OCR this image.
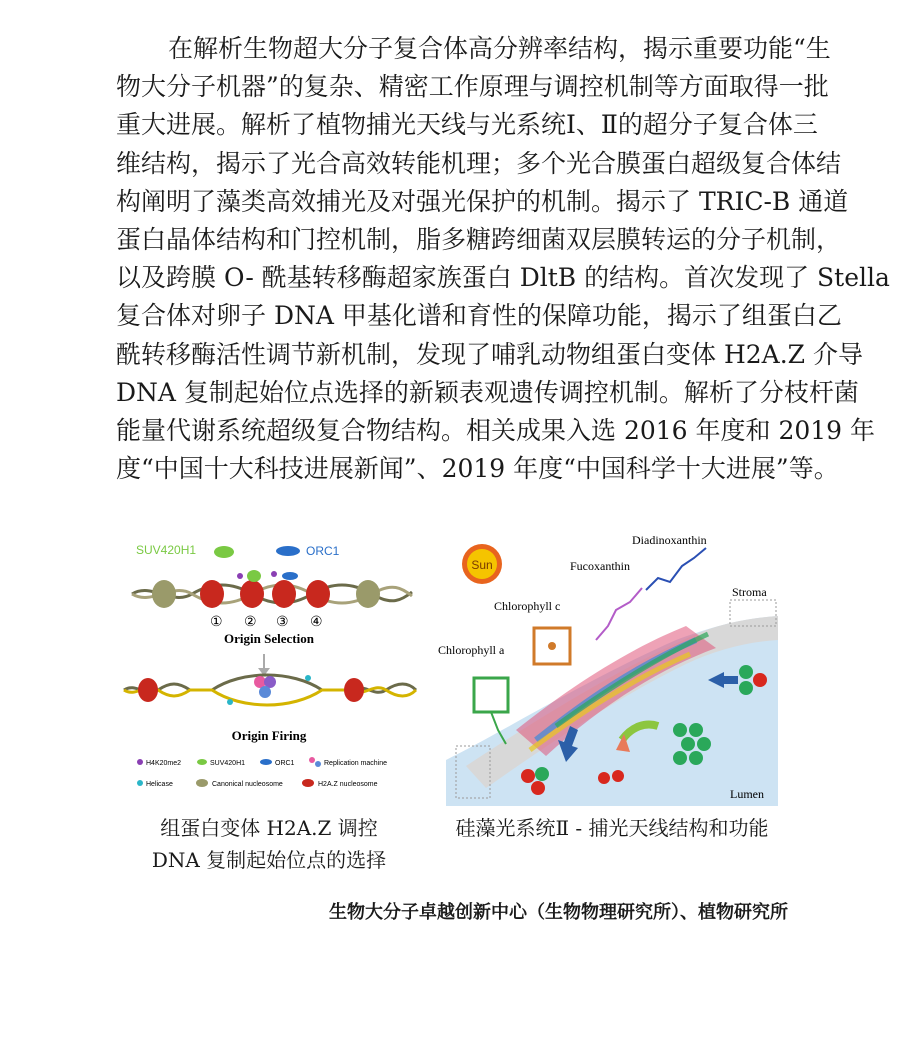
在解析生物超大分子复合体高分辨率结构，揭示重要功能“生
物大分子机器”的复杂、精密工作原理与调控机制等方面取得一批
重大进展。解析了植物捕光天线与光系统Ⅰ、Ⅱ的超分子复合体三
维结构，揭示了光合高效转能机理；多个光合膜蛋白超级复合体结
构阐明了藻类高效捕光及对强光保护的机制。揭示了 TRIC-B 通道
蛋白晶体结构和门控机制，脂多糖跨细菌双层膜转运的分子机制，
以及跨膜 O- 酰基转移酶超家族蛋白 DltB 的结构。首次发现了 Stella
复合体对卵子 DNA 甲基化谱和育性的保障功能，揭示了组蛋白乙
酰转移酶活性调节新机制，发现了哺乳动物组蛋白变体 H2A.Z 介导
DNA 复制起始位点选择的新颖表观遗传调控机制。解析了分枝杆菌
能量代谢系统超级复合物结构。相关成果入选 2016 年度和 2019 年
度“中国十大科技进展新闻”、2019 年度“中国科学十大进展”等。
SUV420H1	ORC1
① ② ③ ④
Origin Selection
Origin Firing
H4K20me2	SUV420H1	ORC1	Replication machine
Helicase	Canonical nucleosome	H2A.Z nucleosome
Sun
Diadinoxanthin
Fucoxanthin
Stroma
Chlorophyll c
Chlorophyll a
Lumen
组蛋白变体 H2A.Z 调控
DNA 复制起始位点的选择
硅藻光系统Ⅱ - 捕光天线结构和功能
生物大分子卓越创新中心（生物物理研究所）、植物研究所
